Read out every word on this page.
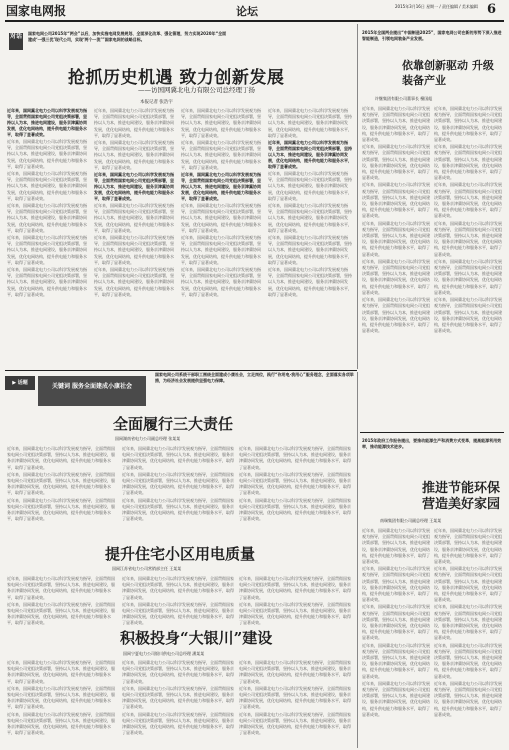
国家电网报	论坛	2015年3月16日 星期一 / 责任编辑 / 美术编辑 6
对话 国家电网公司2015年“两会”以后，加快实施电网发展规划、全面深化改革、强化管理，努力实现2020年“全面建成‘一强三优’现代公司，实现‘两个一流’”国家电网的战略目标。
抢抓历史机遇 致力创新发展
——访国网冀北电力有限公司总经理丁扬
本报记者 张浩宇

近年来，国网冀北电力公司以科学发展观为指导，全面贯彻国家电网公司党组决策部署，坚持以人为本，推进电网建设，服务京津冀协同发展，优化电网结构，提升供电能力和服务水平，取得了显著成效。

近年来，国网冀北电力公司以科学发展观为指导，全面贯彻国家电网公司党组决策部署，坚持以人为本，推进电网建设，服务京津冀协同发展，优化电网结构，提升供电能力和服务水平，取得了显著成效。

近年来，国网冀北电力公司以科学发展观为指导，全面贯彻国家电网公司党组决策部署，坚持以人为本，推进电网建设，服务京津冀协同发展，优化电网结构，提升供电能力和服务水平，取得了显著成效。

近年来，国网冀北电力公司以科学发展观为指导，全面贯彻国家电网公司党组决策部署，坚持以人为本，推进电网建设，服务京津冀协同发展，优化电网结构，提升供电能力和服务水平，取得了显著成效。

近年来，国网冀北电力公司以科学发展观为指导，全面贯彻国家电网公司党组决策部署，坚持以人为本，推进电网建设，服务京津冀协同发展，优化电网结构，提升供电能力和服务水平，取得了显著成效。

近年来，国网冀北电力公司以科学发展观为指导，全面贯彻国家电网公司党组决策部署，坚持以人为本，推进电网建设，服务京津冀协同发展，优化电网结构，提升供电能力和服务水平，取得了显著成效。

近年来，国网冀北电力公司以科学发展观为指导，全面贯彻国家电网公司党组决策部署，坚持以人为本，推进电网建设，服务京津冀协同发展，优化电网结构，提升供电能力和服务水平，取得了显著成效。

近年来，国网冀北电力公司以科学发展观为指导，全面贯彻国家电网公司党组决策部署，坚持以人为本，推进电网建设，服务京津冀协同发展，优化电网结构，提升供电能力和服务水平，取得了显著成效。

近年来，国网冀北电力公司以科学发展观为指导，全面贯彻国家电网公司党组决策部署，坚持以人为本，推进电网建设，服务京津冀协同发展，优化电网结构，提升供电能力和服务水平，取得了显著成效。

近年来，国网冀北电力公司以科学发展观为指导，全面贯彻国家电网公司党组决策部署，坚持以人为本，推进电网建设，服务京津冀协同发展，优化电网结构，提升供电能力和服务水平，取得了显著成效。

近年来，国网冀北电力公司以科学发展观为指导，全面贯彻国家电网公司党组决策部署，坚持以人为本，推进电网建设，服务京津冀协同发展，优化电网结构，提升供电能力和服务水平，取得了显著成效。

近年来，国网冀北电力公司以科学发展观为指导，全面贯彻国家电网公司党组决策部署，坚持以人为本，推进电网建设，服务京津冀协同发展，优化电网结构，提升供电能力和服务水平，取得了显著成效。

近年来，国网冀北电力公司以科学发展观为指导，全面贯彻国家电网公司党组决策部署，坚持以人为本，推进电网建设，服务京津冀协同发展，优化电网结构，提升供电能力和服务水平，取得了显著成效。

近年来，国网冀北电力公司以科学发展观为指导，全面贯彻国家电网公司党组决策部署，坚持以人为本，推进电网建设，服务京津冀协同发展，优化电网结构，提升供电能力和服务水平，取得了显著成效。

近年来，国网冀北电力公司以科学发展观为指导，全面贯彻国家电网公司党组决策部署，坚持以人为本，推进电网建设，服务京津冀协同发展，优化电网结构，提升供电能力和服务水平，取得了显著成效。

近年来，国网冀北电力公司以科学发展观为指导，全面贯彻国家电网公司党组决策部署，坚持以人为本，推进电网建设，服务京津冀协同发展，优化电网结构，提升供电能力和服务水平，取得了显著成效。

近年来，国网冀北电力公司以科学发展观为指导，全面贯彻国家电网公司党组决策部署，坚持以人为本，推进电网建设，服务京津冀协同发展，优化电网结构，提升供电能力和服务水平，取得了显著成效。

近年来，国网冀北电力公司以科学发展观为指导，全面贯彻国家电网公司党组决策部署，坚持以人为本，推进电网建设，服务京津冀协同发展，优化电网结构，提升供电能力和服务水平，取得了显著成效。

近年来，国网冀北电力公司以科学发展观为指导，全面贯彻国家电网公司党组决策部署，坚持以人为本，推进电网建设，服务京津冀协同发展，优化电网结构，提升供电能力和服务水平，取得了显著成效。

近年来，国网冀北电力公司以科学发展观为指导，全面贯彻国家电网公司党组决策部署，坚持以人为本，推进电网建设，服务京津冀协同发展，优化电网结构，提升供电能力和服务水平，取得了显著成效。

近年来，国网冀北电力公司以科学发展观为指导，全面贯彻国家电网公司党组决策部署，坚持以人为本，推进电网建设，服务京津冀协同发展，优化电网结构，提升供电能力和服务水平，取得了显著成效。

近年来，国网冀北电力公司以科学发展观为指导，全面贯彻国家电网公司党组决策部署，坚持以人为本，推进电网建设，服务京津冀协同发展，优化电网结构，提升供电能力和服务水平，取得了显著成效。

近年来，国网冀北电力公司以科学发展观为指导，全面贯彻国家电网公司党组决策部署，坚持以人为本，推进电网建设，服务京津冀协同发展，优化电网结构，提升供电能力和服务水平，取得了显著成效。

近年来，国网冀北电力公司以科学发展观为指导，全面贯彻国家电网公司党组决策部署，坚持以人为本，推进电网建设，服务京津冀协同发展，优化电网结构，提升供电能力和服务水平，取得了显著成效。

2015年全国两会提出“中国制造2025”，国家电网公司在新的形势下深入推进智能制造，引领电网装备产业发展。
依靠创新驱动 升级装备产业
许继集团有限公司董事长 檀国彪

近年来，国网冀北电力公司以科学发展观为指导，全面贯彻国家电网公司党组决策部署，坚持以人为本，推进电网建设，服务京津冀协同发展，优化电网结构，提升供电能力和服务水平，取得了显著成效。

近年来，国网冀北电力公司以科学发展观为指导，全面贯彻国家电网公司党组决策部署，坚持以人为本，推进电网建设，服务京津冀协同发展，优化电网结构，提升供电能力和服务水平，取得了显著成效。

近年来，国网冀北电力公司以科学发展观为指导，全面贯彻国家电网公司党组决策部署，坚持以人为本，推进电网建设，服务京津冀协同发展，优化电网结构，提升供电能力和服务水平，取得了显著成效。

近年来，国网冀北电力公司以科学发展观为指导，全面贯彻国家电网公司党组决策部署，坚持以人为本，推进电网建设，服务京津冀协同发展，优化电网结构，提升供电能力和服务水平，取得了显著成效。

近年来，国网冀北电力公司以科学发展观为指导，全面贯彻国家电网公司党组决策部署，坚持以人为本，推进电网建设，服务京津冀协同发展，优化电网结构，提升供电能力和服务水平，取得了显著成效。

近年来，国网冀北电力公司以科学发展观为指导，全面贯彻国家电网公司党组决策部署，坚持以人为本，推进电网建设，服务京津冀协同发展，优化电网结构，提升供电能力和服务水平，取得了显著成效。

近年来，国网冀北电力公司以科学发展观为指导，全面贯彻国家电网公司党组决策部署，坚持以人为本，推进电网建设，服务京津冀协同发展，优化电网结构，提升供电能力和服务水平，取得了显著成效。

近年来，国网冀北电力公司以科学发展观为指导，全面贯彻国家电网公司党组决策部署，坚持以人为本，推进电网建设，服务京津冀协同发展，优化电网结构，提升供电能力和服务水平，取得了显著成效。

近年来，国网冀北电力公司以科学发展观为指导，全面贯彻国家电网公司党组决策部署，坚持以人为本，推进电网建设，服务京津冀协同发展，优化电网结构，提升供电能力和服务水平，取得了显著成效。

近年来，国网冀北电力公司以科学发展观为指导，全面贯彻国家电网公司党组决策部署，坚持以人为本，推进电网建设，服务京津冀协同发展，优化电网结构，提升供电能力和服务水平，取得了显著成效。

近年来，国网冀北电力公司以科学发展观为指导，全面贯彻国家电网公司党组决策部署，坚持以人为本，推进电网建设，服务京津冀协同发展，优化电网结构，提升供电能力和服务水平，取得了显著成效。

近年来，国网冀北电力公司以科学发展观为指导，全面贯彻国家电网公司党组决策部署，坚持以人为本，推进电网建设，服务京津冀协同发展，优化电网结构，提升供电能力和服务水平，取得了显著成效。

▶ 话题	关键词 服务全面建成小康社会
国家电网公司系统干部职工围绕全面建成小康社会，立足岗位，践行“你用电·我用心”服务理念，全面落实各项举措，为经济社会发展提供坚强电力保障。
全面履行三大责任
国网湖南省电力公司副总经理 张某某

近年来，国网冀北电力公司以科学发展观为指导，全面贯彻国家电网公司党组决策部署，坚持以人为本，推进电网建设，服务京津冀协同发展，优化电网结构，提升供电能力和服务水平，取得了显著成效。

近年来，国网冀北电力公司以科学发展观为指导，全面贯彻国家电网公司党组决策部署，坚持以人为本，推进电网建设，服务京津冀协同发展，优化电网结构，提升供电能力和服务水平，取得了显著成效。

近年来，国网冀北电力公司以科学发展观为指导，全面贯彻国家电网公司党组决策部署，坚持以人为本，推进电网建设，服务京津冀协同发展，优化电网结构，提升供电能力和服务水平，取得了显著成效。

近年来，国网冀北电力公司以科学发展观为指导，全面贯彻国家电网公司党组决策部署，坚持以人为本，推进电网建设，服务京津冀协同发展，优化电网结构，提升供电能力和服务水平，取得了显著成效。

近年来，国网冀北电力公司以科学发展观为指导，全面贯彻国家电网公司党组决策部署，坚持以人为本，推进电网建设，服务京津冀协同发展，优化电网结构，提升供电能力和服务水平，取得了显著成效。

近年来，国网冀北电力公司以科学发展观为指导，全面贯彻国家电网公司党组决策部署，坚持以人为本，推进电网建设，服务京津冀协同发展，优化电网结构，提升供电能力和服务水平，取得了显著成效。

近年来，国网冀北电力公司以科学发展观为指导，全面贯彻国家电网公司党组决策部署，坚持以人为本，推进电网建设，服务京津冀协同发展，优化电网结构，提升供电能力和服务水平，取得了显著成效。

近年来，国网冀北电力公司以科学发展观为指导，全面贯彻国家电网公司党组决策部署，坚持以人为本，推进电网建设，服务京津冀协同发展，优化电网结构，提升供电能力和服务水平，取得了显著成效。

近年来，国网冀北电力公司以科学发展观为指导，全面贯彻国家电网公司党组决策部署，坚持以人为本，推进电网建设，服务京津冀协同发展，优化电网结构，提升供电能力和服务水平，取得了显著成效。

提升住宅小区用电质量
国网江苏省电力公司营销部主任 王某某

近年来，国网冀北电力公司以科学发展观为指导，全面贯彻国家电网公司党组决策部署，坚持以人为本，推进电网建设，服务京津冀协同发展，优化电网结构，提升供电能力和服务水平，取得了显著成效。

近年来，国网冀北电力公司以科学发展观为指导，全面贯彻国家电网公司党组决策部署，坚持以人为本，推进电网建设，服务京津冀协同发展，优化电网结构，提升供电能力和服务水平，取得了显著成效。

近年来，国网冀北电力公司以科学发展观为指导，全面贯彻国家电网公司党组决策部署，坚持以人为本，推进电网建设，服务京津冀协同发展，优化电网结构，提升供电能力和服务水平，取得了显著成效。

近年来，国网冀北电力公司以科学发展观为指导，全面贯彻国家电网公司党组决策部署，坚持以人为本，推进电网建设，服务京津冀协同发展，优化电网结构，提升供电能力和服务水平，取得了显著成效。

近年来，国网冀北电力公司以科学发展观为指导，全面贯彻国家电网公司党组决策部署，坚持以人为本，推进电网建设，服务京津冀协同发展，优化电网结构，提升供电能力和服务水平，取得了显著成效。

近年来，国网冀北电力公司以科学发展观为指导，全面贯彻国家电网公司党组决策部署，坚持以人为本，推进电网建设，服务京津冀协同发展，优化电网结构，提升供电能力和服务水平，取得了显著成效。

积极投身“大银川”建设
国网宁夏电力公司银川供电公司总经理 潘某某

近年来，国网冀北电力公司以科学发展观为指导，全面贯彻国家电网公司党组决策部署，坚持以人为本，推进电网建设，服务京津冀协同发展，优化电网结构，提升供电能力和服务水平，取得了显著成效。

近年来，国网冀北电力公司以科学发展观为指导，全面贯彻国家电网公司党组决策部署，坚持以人为本，推进电网建设，服务京津冀协同发展，优化电网结构，提升供电能力和服务水平，取得了显著成效。

近年来，国网冀北电力公司以科学发展观为指导，全面贯彻国家电网公司党组决策部署，坚持以人为本，推进电网建设，服务京津冀协同发展，优化电网结构，提升供电能力和服务水平，取得了显著成效。

近年来，国网冀北电力公司以科学发展观为指导，全面贯彻国家电网公司党组决策部署，坚持以人为本，推进电网建设，服务京津冀协同发展，优化电网结构，提升供电能力和服务水平，取得了显著成效。

近年来，国网冀北电力公司以科学发展观为指导，全面贯彻国家电网公司党组决策部署，坚持以人为本，推进电网建设，服务京津冀协同发展，优化电网结构，提升供电能力和服务水平，取得了显著成效。

近年来，国网冀北电力公司以科学发展观为指导，全面贯彻国家电网公司党组决策部署，坚持以人为本，推进电网建设，服务京津冀协同发展，优化电网结构，提升供电能力和服务水平，取得了显著成效。

近年来，国网冀北电力公司以科学发展观为指导，全面贯彻国家电网公司党组决策部署，坚持以人为本，推进电网建设，服务京津冀协同发展，优化电网结构，提升供电能力和服务水平，取得了显著成效。

近年来，国网冀北电力公司以科学发展观为指导，全面贯彻国家电网公司党组决策部署，坚持以人为本，推进电网建设，服务京津冀协同发展，优化电网结构，提升供电能力和服务水平，取得了显著成效。

近年来，国网冀北电力公司以科学发展观为指导，全面贯彻国家电网公司党组决策部署，坚持以人为本，推进电网建设，服务京津冀协同发展，优化电网结构，提升供电能力和服务水平，取得了显著成效。

2015年政府工作报告提出，要推动能源生产和消费方式变革，提高能源利用效率，推动能源技术进步。
推进节能环保 营造美好家园
南瑞集团有限公司副总经理 王某某

近年来，国网冀北电力公司以科学发展观为指导，全面贯彻国家电网公司党组决策部署，坚持以人为本，推进电网建设，服务京津冀协同发展，优化电网结构，提升供电能力和服务水平，取得了显著成效。

近年来，国网冀北电力公司以科学发展观为指导，全面贯彻国家电网公司党组决策部署，坚持以人为本，推进电网建设，服务京津冀协同发展，优化电网结构，提升供电能力和服务水平，取得了显著成效。

近年来，国网冀北电力公司以科学发展观为指导，全面贯彻国家电网公司党组决策部署，坚持以人为本，推进电网建设，服务京津冀协同发展，优化电网结构，提升供电能力和服务水平，取得了显著成效。

近年来，国网冀北电力公司以科学发展观为指导，全面贯彻国家电网公司党组决策部署，坚持以人为本，推进电网建设，服务京津冀协同发展，优化电网结构，提升供电能力和服务水平，取得了显著成效。

近年来，国网冀北电力公司以科学发展观为指导，全面贯彻国家电网公司党组决策部署，坚持以人为本，推进电网建设，服务京津冀协同发展，优化电网结构，提升供电能力和服务水平，取得了显著成效。

近年来，国网冀北电力公司以科学发展观为指导，全面贯彻国家电网公司党组决策部署，坚持以人为本，推进电网建设，服务京津冀协同发展，优化电网结构，提升供电能力和服务水平，取得了显著成效。

近年来，国网冀北电力公司以科学发展观为指导，全面贯彻国家电网公司党组决策部署，坚持以人为本，推进电网建设，服务京津冀协同发展，优化电网结构，提升供电能力和服务水平，取得了显著成效。

近年来，国网冀北电力公司以科学发展观为指导，全面贯彻国家电网公司党组决策部署，坚持以人为本，推进电网建设，服务京津冀协同发展，优化电网结构，提升供电能力和服务水平，取得了显著成效。

近年来，国网冀北电力公司以科学发展观为指导，全面贯彻国家电网公司党组决策部署，坚持以人为本，推进电网建设，服务京津冀协同发展，优化电网结构，提升供电能力和服务水平，取得了显著成效。

近年来，国网冀北电力公司以科学发展观为指导，全面贯彻国家电网公司党组决策部署，坚持以人为本，推进电网建设，服务京津冀协同发展，优化电网结构，提升供电能力和服务水平，取得了显著成效。
